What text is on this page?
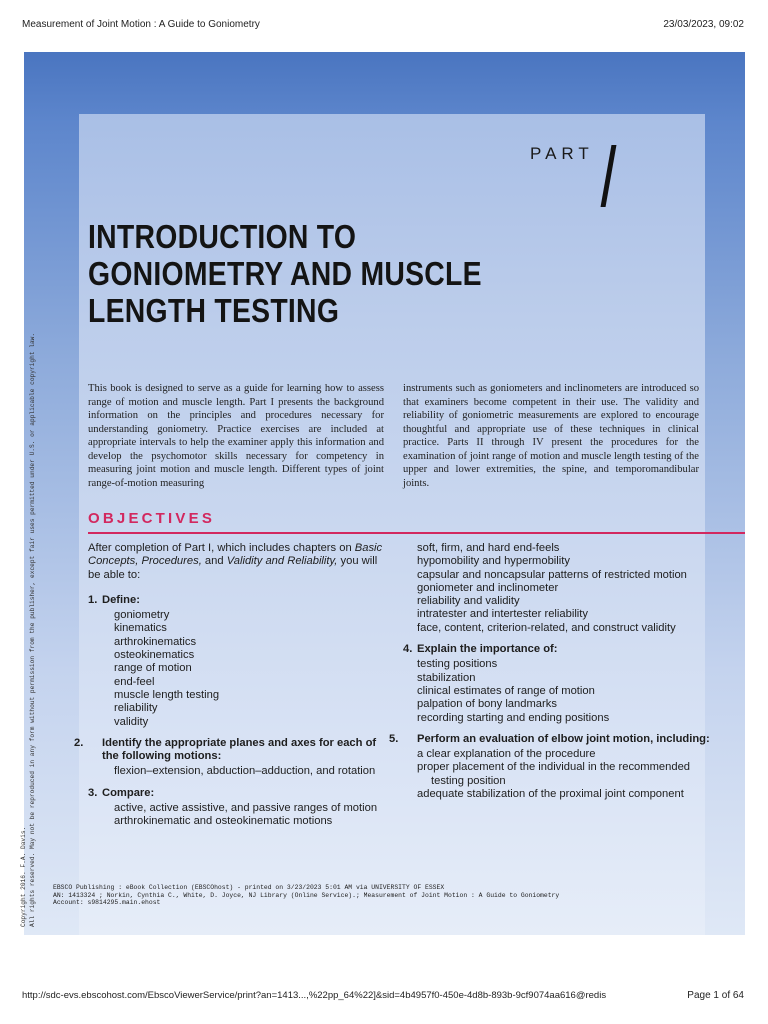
Measurement of Joint Motion : A Guide to Goniometry	23/03/2023, 09:02
PART
INTRODUCTION TO
GONIOMETRY AND MUSCLE
LENGTH TESTING
This book is designed to serve as a guide for learning how to assess range of motion and muscle length. Part I presents the background information on the principles and procedures necessary for understanding goniometry. Practice exercises are included at appropriate intervals to help the examiner apply this information and develop the psychomotor skills necessary for competency in measuring joint motion and muscle length. Different types of joint range-of-motion measuring
instruments such as goniometers and inclinometers are introduced so that examiners become competent in their use. The validity and reliability of goniometric measurements are explored to encourage thoughtful and appropriate use of these techniques in clinical practice. Parts II through IV present the procedures for the examination of joint range of motion and muscle length testing of the upper and lower extremities, the spine, and temporomandibular joints.
OBJECTIVES

After completion of Part I, which includes chapters on Basic Concepts, Procedures, and Validity and Reliability, you will be able to:

1. Define:

goniometry

kinematics

arthrokinematics

osteokinematics

range of motion

end-feel

muscle length testing

reliability

validity

2. Identify the appropriate planes and axes for each of the following motions:

flexion–extension, abduction–adduction, and rotation

3. Compare:

active, active assistive, and passive ranges of motion

arthrokinematic and osteokinematic motions

soft, firm, and hard end-feels

hypomobility and hypermobility

capsular and noncapsular patterns of restricted motion

goniometer and inclinometer

reliability and validity

intratester and intertester reliability

face, content, criterion-related, and construct validity

4. Explain the importance of:

testing positions

stabilization

clinical estimates of range of motion

palpation of bony landmarks

recording starting and ending positions

5. Perform an evaluation of elbow joint motion, including:

a clear explanation of the procedure

proper placement of the individual in the recommended testing position

adequate stabilization of the proximal joint component

Copyright 2016. F.A. Davis. All rights reserved. May not be reproduced in any form without permission from the publisher, except fair uses permitted under U.S. or applicable copyright law.	EBSCO Publishing : eBook Collection (EBSCOhost) - printed on 3/23/2023 5:01 AM via UNIVERSITY OF ESSEX
AN: 1413324 ; Norkin, Cynthia C., White, D. Joyce, NJ Library (Online Service).; Measurement of Joint Motion : A Guide to Goniometry
Account: s9814295.main.ehost
http://sdc-evs.ebscohost.com/EbscoViewerService/print?an=1413...,%22pp_64%22]&sid=4b4957f0-450e-4d8b-893b-9cf9074aa616@redis	Page 1 of 64
